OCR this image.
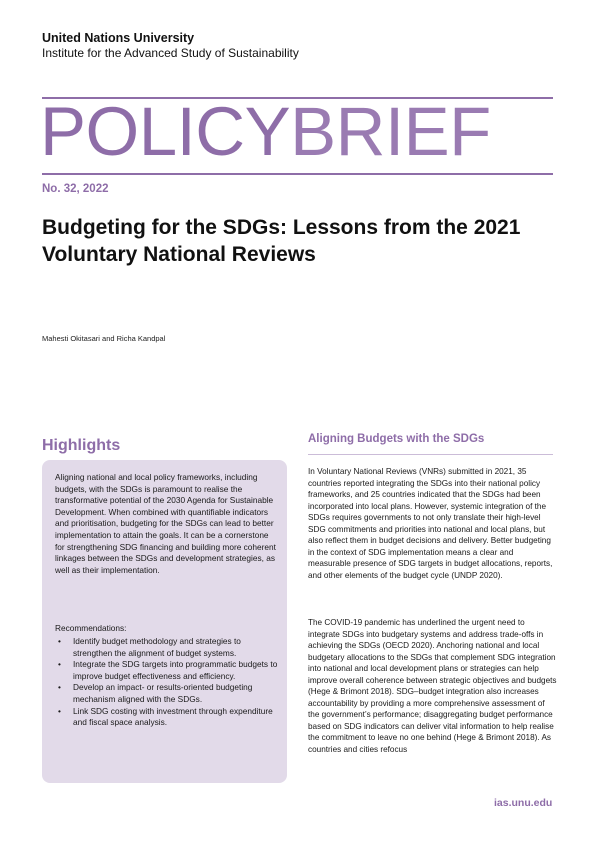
United Nations University
Institute for the Advanced Study of Sustainability
POLICYBRIEF
No. 32, 2022
Budgeting for the SDGs: Lessons from the 2021 Voluntary National Reviews
Mahesti Okitasari and Richa Kandpal
Highlights
Aligning national and local policy frameworks, including budgets, with the SDGs is paramount to realise the transformative potential of the 2030 Agenda for Sustainable Development. When combined with quantifiable indicators and prioritisation, budgeting for the SDGs can lead to better implementation to attain the goals. It can be a cornerstone for strengthening SDG financing and building more coherent linkages between the SDGs and development strategies, as well as their implementation.
Recommendations:
• Identify budget methodology and strategies to strengthen the alignment of budget systems.
• Integrate the SDG targets into programmatic budgets to improve budget effectiveness and efficiency.
• Develop an impact- or results-oriented budgeting mechanism aligned with the SDGs.
• Link SDG costing with investment through expenditure and fiscal space analysis.
Aligning Budgets with the SDGs
In Voluntary National Reviews (VNRs) submitted in 2021, 35 countries reported integrating the SDGs into their national policy frameworks, and 25 countries indicated that the SDGs had been incorporated into local plans. However, systemic integration of the SDGs requires governments to not only translate their high-level SDG commitments and priorities into national and local plans, but also reflect them in budget decisions and delivery. Better budgeting in the context of SDG implementation means a clear and measurable presence of SDG targets in budget allocations, reports, and other elements of the budget cycle (UNDP 2020).
The COVID-19 pandemic has underlined the urgent need to integrate SDGs into budgetary systems and address trade-offs in achieving the SDGs (OECD 2020). Anchoring national and local budgetary allocations to the SDGs that complement SDG integration into national and local development plans or strategies can help improve overall coherence between strategic objectives and budgets (Hege & Brimont 2018). SDG–budget integration also increases accountability by providing a more comprehensive assessment of the government’s performance; disaggregating budget performance based on SDG indicators can deliver vital information to help realise the commitment to leave no one behind (Hege & Brimont 2018). As countries and cities refocus
ias.unu.edu
